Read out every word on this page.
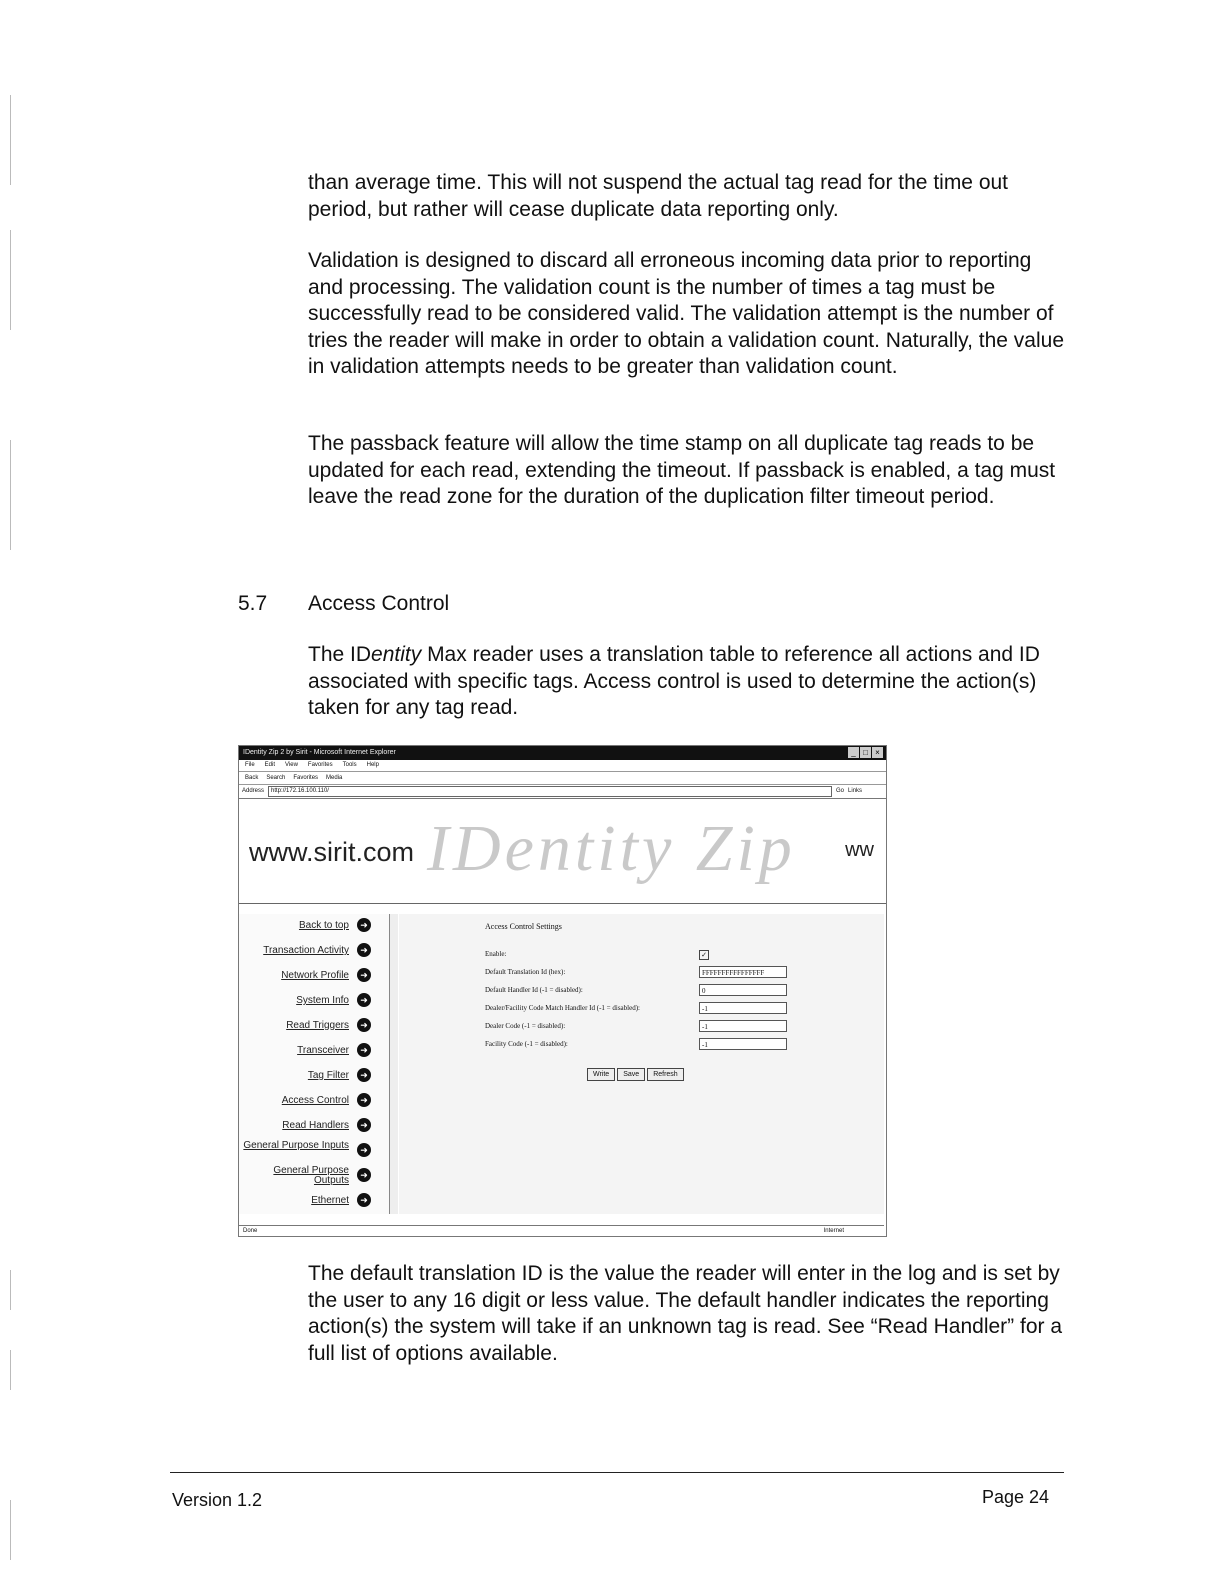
than average time. This will not suspend the actual tag read for the time out period, but rather will cease duplicate data reporting only.

Validation is designed to discard all erroneous incoming data prior to reporting and processing. The validation count is the number of times a tag must be successfully read to be considered valid. The validation attempt is the number of tries the reader will make in order to obtain a validation count. Naturally, the value in validation attempts needs to be greater than validation count.

The passback feature will allow the time stamp on all duplicate tag reads to be updated for each read, extending the timeout. If passback is enabled, a tag must leave the read zone for the duration of the duplication filter timeout period.

5.7 Access Control

The IDentity Max reader uses a translation table to reference all actions and ID associated with specific tags. Access control is used to determine the action(s) taken for any tag read.

IDentity Zip 2 by Sirit - Microsoft Internet Explorer	_ □ ×
File Edit View Favorites Tools Help
Back Search Favorites Media
Address	http://172.16.100.110/	Go Links
www.sirit.com IDentity Zip ww
Back to top	➜
Transaction Activity	➜
Network Profile	➜
System Info	➜
Read Triggers	➜
Transceiver	➜
Tag Filter	➜
Access Control	➜
Read Handlers	➜
General Purpose Inputs	➜
General Purpose Outputs	➜
Ethernet	➜
Access Control Settings
Enable:	✓
Default Translation Id (hex):	FFFFFFFFFFFFFFFF
Default Handler Id (-1 = disabled):	0
Dealer/Facility Code Match Handler Id (-1 = disabled):	-1
Dealer Code (-1 = disabled):	-1
Facility Code (-1 = disabled):	-1
Write	Save	Refresh
Done	Internet

The default translation ID is the value the reader will enter in the log and is set by the user to any 16 digit or less value. The default handler indicates the reporting action(s) the system will take if an unknown tag is read. See “Read Handler” for a full list of options available.

Version 1.2	Page 24
